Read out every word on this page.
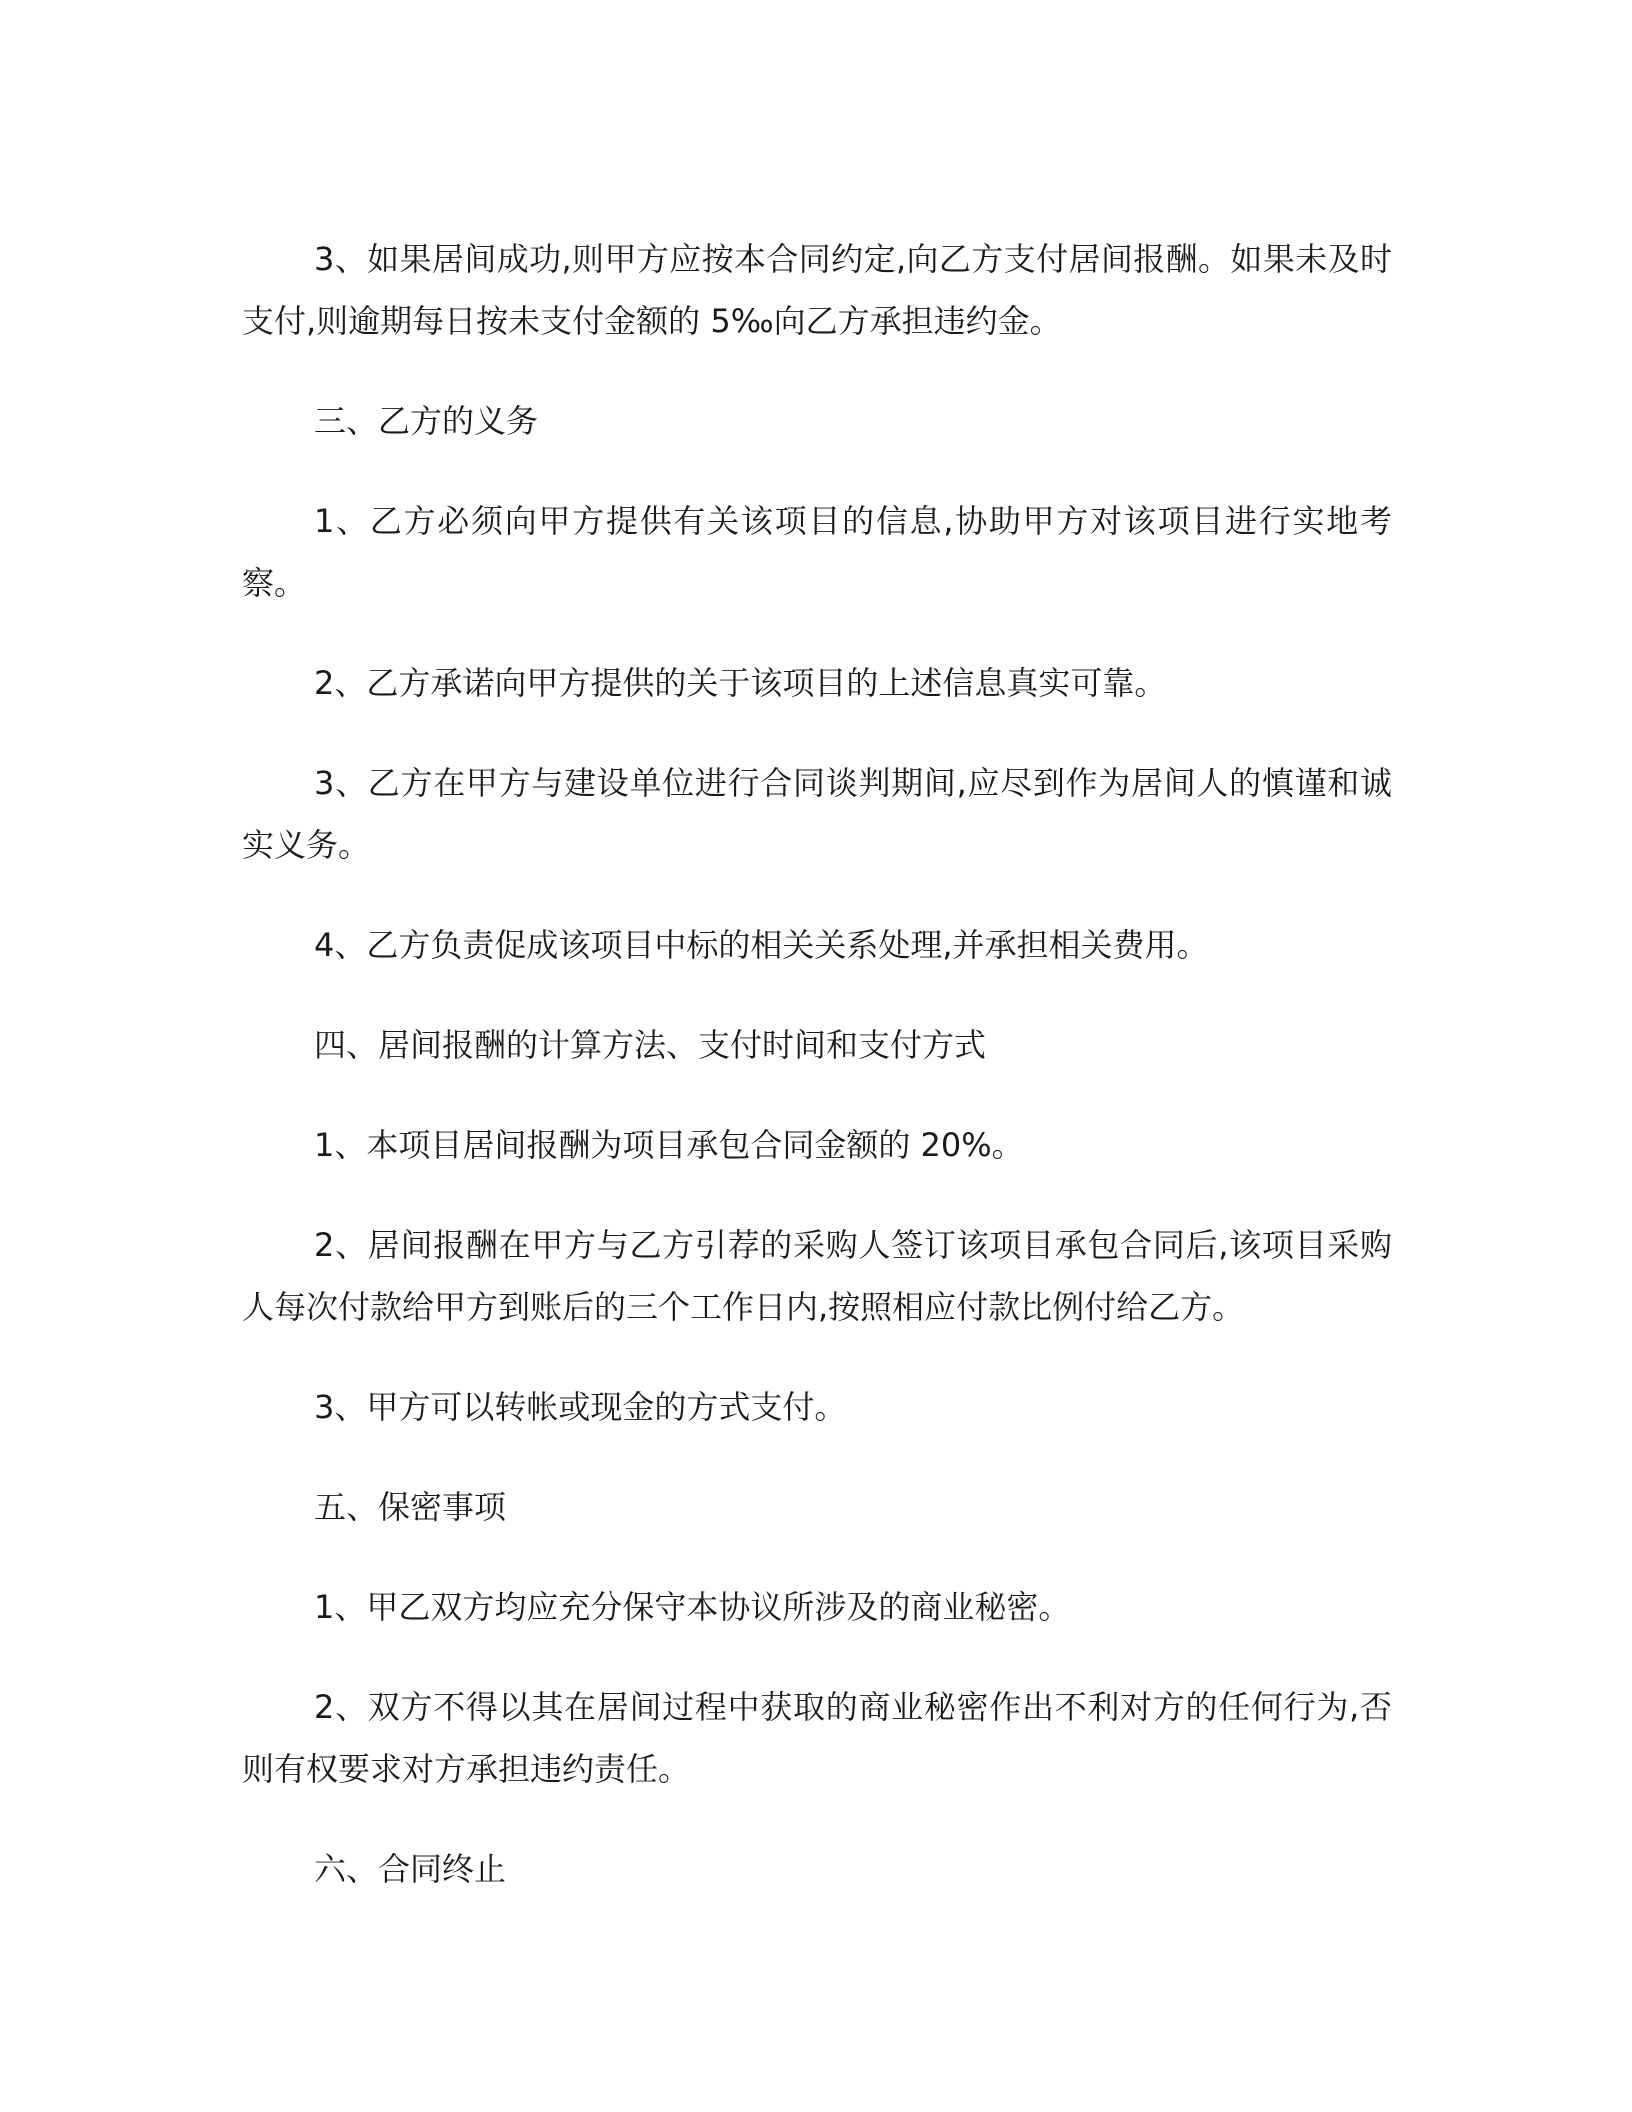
3、如果居间成功,则甲方应按本合同约定,向乙方支付居间报酬。如果未及时支付,则逾期每日按未支付金额的 5‰向乙方承担违约金。

三、乙方的义务

1、乙方必须向甲方提供有关该项目的信息,协助甲方对该项目进行实地考察。

2、乙方承诺向甲方提供的关于该项目的上述信息真实可靠。

3、乙方在甲方与建设单位进行合同谈判期间,应尽到作为居间人的慎谨和诚实义务。

4、乙方负责促成该项目中标的相关关系处理,并承担相关费用。

四、居间报酬的计算方法、支付时间和支付方式

1、本项目居间报酬为项目承包合同金额的 20%。

2、居间报酬在甲方与乙方引荐的采购人签订该项目承包合同后,该项目采购人每次付款给甲方到账后的三个工作日内,按照相应付款比例付给乙方。

3、甲方可以转帐或现金的方式支付。

五、保密事项

1、甲乙双方均应充分保守本协议所涉及的商业秘密。

2、双方不得以其在居间过程中获取的商业秘密作出不利对方的任何行为,否则有权要求对方承担违约责任。

六、合同终止
